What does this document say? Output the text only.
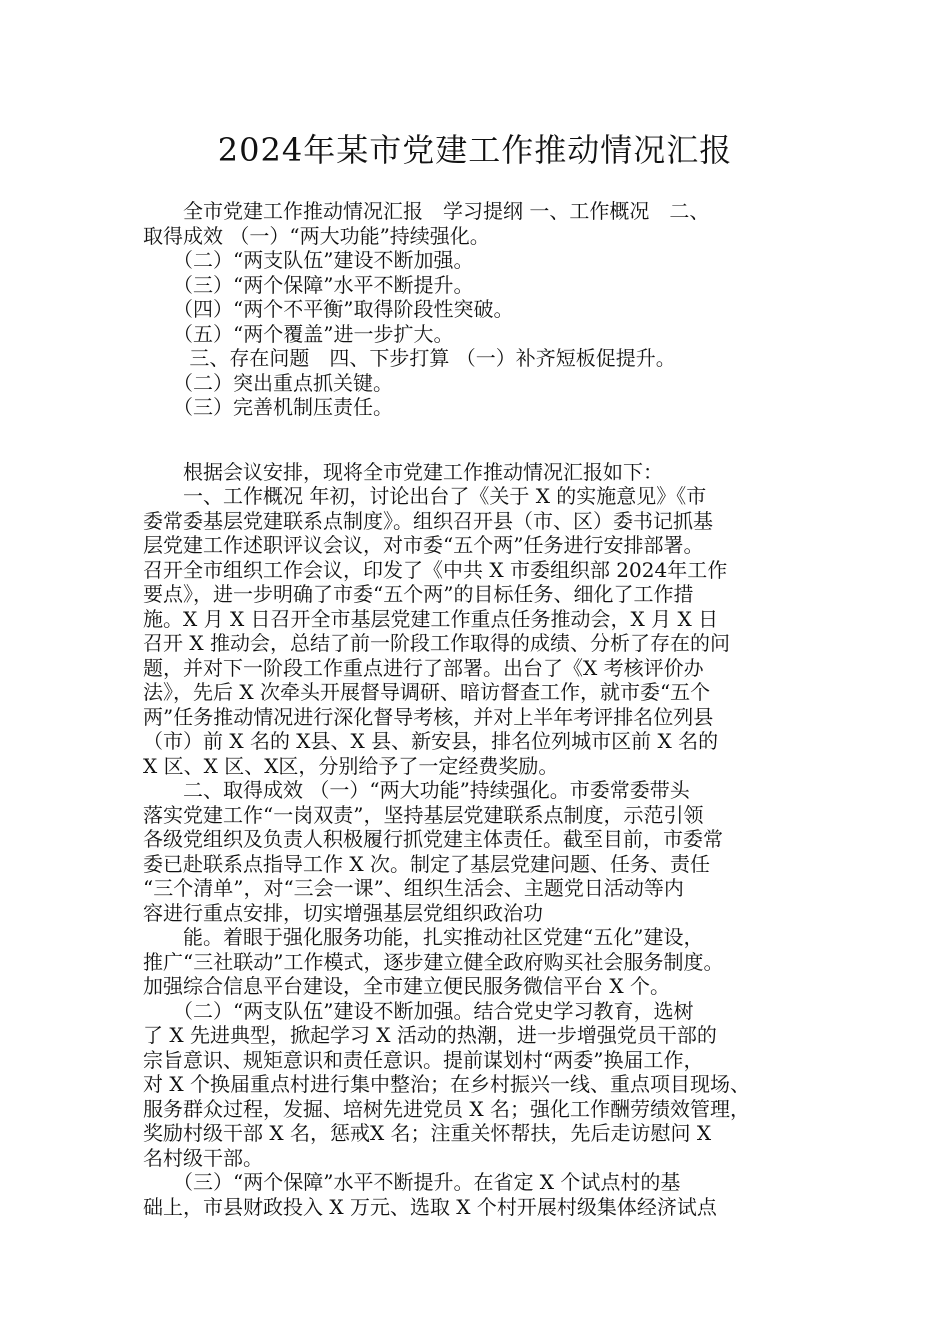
2024年某市党建工作推动情况汇报
　　全市党建工作推动情况汇报　学习提纲 一、工作概况　二、
取得成效 （一）“两大功能”持续强化。
　　（二）“两支队伍”建设不断加强。
　　（三）“两个保障”水平不断提升。
　　（四）“两个不平衡”取得阶段性突破。
　　（五）“两个覆盖”进一步扩大。
　　 三、存在问题　四、下步打算 （一）补齐短板促提升。
　　（二）突出重点抓关键。
　　（三）完善机制压责任。
　　根据会议安排，现将全市党建工作推动情况汇报如下：
　　一、工作概况 年初，讨论出台了《关于 X 的实施意见》《市
委常委基层党建联系点制度》。组织召开县（市、区）委书记抓基
层党建工作述职评议会议，对市委“五个两”任务进行安排部署。
召开全市组织工作会议，印发了《中共 X 市委组织部 2024年工作
要点》，进一步明确了市委“五个两”的目标任务、细化了工作措
施。X 月 X 日召开全市基层党建工作重点任务推动会，X 月 X 日
召开 X 推动会，总结了前一阶段工作取得的成绩、分析了存在的问
题，并对下一阶段工作重点进行了部署。出台了《X 考核评价办
法》，先后 X 次牵头开展督导调研、暗访督查工作，就市委“五个
两”任务推动情况进行深化督导考核，并对上半年考评排名位列县
（市）前 X 名的 X县、X 县、新安县，排名位列城市区前 X 名的
X 区、X 区、X区，分别给予了一定经费奖励。
　　二、取得成效 （一）“两大功能”持续强化。市委常委带头
落实党建工作“一岗双责”，坚持基层党建联系点制度，示范引领
各级党组织及负责人积极履行抓党建主体责任。截至目前，市委常
委已赴联系点指导工作 X 次。制定了基层党建问题、任务、责任
“三个清单”，对“三会一课”、组织生活会、主题党日活动等内
容进行重点安排，切实增强基层党组织政治功
　　能。着眼于强化服务功能，扎实推动社区党建“五化”建设，
推广“三社联动”工作模式，逐步建立健全政府购买社会服务制度。
加强综合信息平台建设，全市建立便民服务微信平台 X 个。
　　（二）“两支队伍”建设不断加强。结合党史学习教育，选树
了 X 先进典型，掀起学习 X 活动的热潮，进一步增强党员干部的
宗旨意识、规矩意识和责任意识。提前谋划村“两委”换届工作，
对 X 个换届重点村进行集中整治；在乡村振兴一线、重点项目现场、
服务群众过程，发掘、培树先进党员 X 名；强化工作酬劳绩效管理，
奖励村级干部 X 名，惩戒X 名；注重关怀帮扶，先后走访慰问 X
名村级干部。
　　（三）“两个保障”水平不断提升。在省定 X 个试点村的基
础上，市县财政投入 X 万元、选取 X 个村开展村级集体经济试点
